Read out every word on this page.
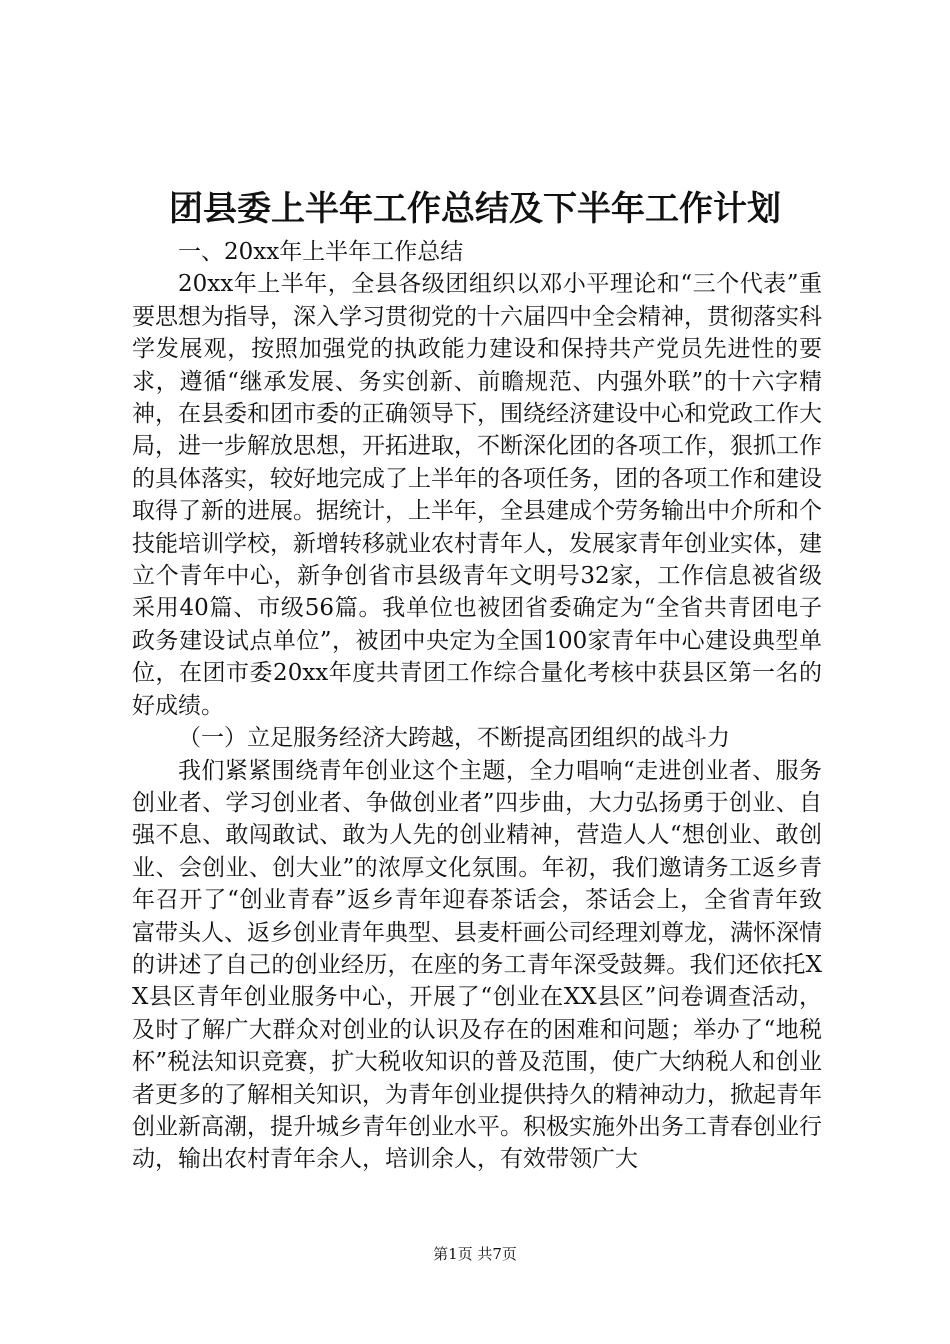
团县委上半年工作总结及下半年工作计划

一、20xx年上半年工作总结

20xx年上半年，全县各级团组织以邓小平理论和“三个代表”重要思想为指导，深入学习贯彻党的十六届四中全会精神，贯彻落实科学发展观，按照加强党的执政能力建设和保持共产党员先进性的要求，遵循“继承发展、务实创新、前瞻规范、内强外联”的十六字精神，在县委和团市委的正确领导下，围绕经济建设中心和党政工作大局，进一步解放思想，开拓进取，不断深化团的各项工作，狠抓工作的具体落实，较好地完成了上半年的各项任务，团的各项工作和建设取得了新的进展。据统计，上半年，全县建成个劳务输出中介所和个技能培训学校，新增转移就业农村青年人，发展家青年创业实体，建立个青年中心，新争创省市县级青年文明号32家，工作信息被省级采用40篇、市级56篇。我单位也被团省委确定为“全省共青团电子政务建设试点单位”，被团中央定为全国100家青年中心建设典型单位，在团市委20xx年度共青团工作综合量化考核中获县区第一名的好成绩。

（一）立足服务经济大跨越，不断提高团组织的战斗力

我们紧紧围绕青年创业这个主题，全力唱响“走进创业者、服务创业者、学习创业者、争做创业者”四步曲，大力弘扬勇于创业、自强不息、敢闯敢试、敢为人先的创业精神，营造人人“想创业、敢创业、会创业、创大业”的浓厚文化氛围。年初，我们邀请务工返乡青年召开了“创业青春”返乡青年迎春茶话会，茶话会上，全省青年致富带头人、返乡创业青年典型、县麦杆画公司经理刘尊龙，满怀深情的讲述了自己的创业经历，在座的务工青年深受鼓舞。我们还依托XX县区青年创业服务中心，开展了“创业在XX县区”问卷调查活动，及时了解广大群众对创业的认识及存在的困难和问题；举办了“地税杯”税法知识竞赛，扩大税收知识的普及范围，使广大纳税人和创业者更多的了解相关知识，为青年创业提供持久的精神动力，掀起青年创业新高潮，提升城乡青年创业水平。积极实施外出务工青春创业行动，输出农村青年余人，培训余人，有效带领广大

第1页 共7页
